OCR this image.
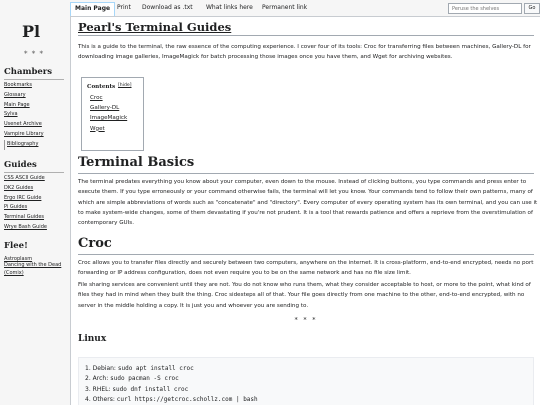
Pl
* * *
Chambers
Bookmarks
Glossary
Main Page
Sylva
Usenet Archive
Vampire Library
Bibliography
Guides
CSS ASCII Guide
DK2 Guides
Ergo IRC Guide
Pi Guides
Terminal Guides
Wrye Bash Guide
Flee!
Astroplasm
Dancing with the Dead (Comix)
Main Page	Print Download as .txt What links here Permanent link
Peruse the shelves	Go
Pearl's Terminal Guides
This is a guide to the terminal, the raw essence of the computing experience. I cover four of its tools: Croc for transferring files between machines, Gallery-DL for downloading image galleries, ImageMagick for batch processing those images once you have them, and Wget for archiving websites.
Contents [hide]
Croc
Gallery-DL
ImageMagick
Wget
Terminal Basics
The terminal predates everything you know about your computer, even down to the mouse. Instead of clicking buttons, you type commands and press enter to execute them. If you type erroneously or your command otherwise fails, the terminal will let you know. Your commands tend to follow their own patterns, many of which are simple abbreviations of words such as "concatenate" and "directory". Every computer of every operating system has its own terminal, and you can use it to make system-wide changes, some of them devastating if you're not prudent. It is a tool that rewards patience and offers a reprieve from the overstimulation of contemporary GUIs.
Croc
Croc allows you to transfer files directly and securely between two computers, anywhere on the internet. It is cross-platform, end-to-end encrypted, needs no port forwarding or IP address configuration, does not even require you to be on the same network and has no file size limit.
File sharing services are convenient until they are not. You do not know who runs them, what they consider acceptable to host, or more to the point, what kind of files they had in mind when they built the thing. Croc sidesteps all of that. Your file goes directly from one machine to the other, end-to-end encrypted, with no server in the middle holding a copy. It is just you and whoever you are sending to.
* * *
Linux
1. Debian: sudo apt install croc
2. Arch: sudo pacman -S croc
3. RHEL: sudo dnf install croc
4. Others: curl https://getcroc.schollz.com | bash
